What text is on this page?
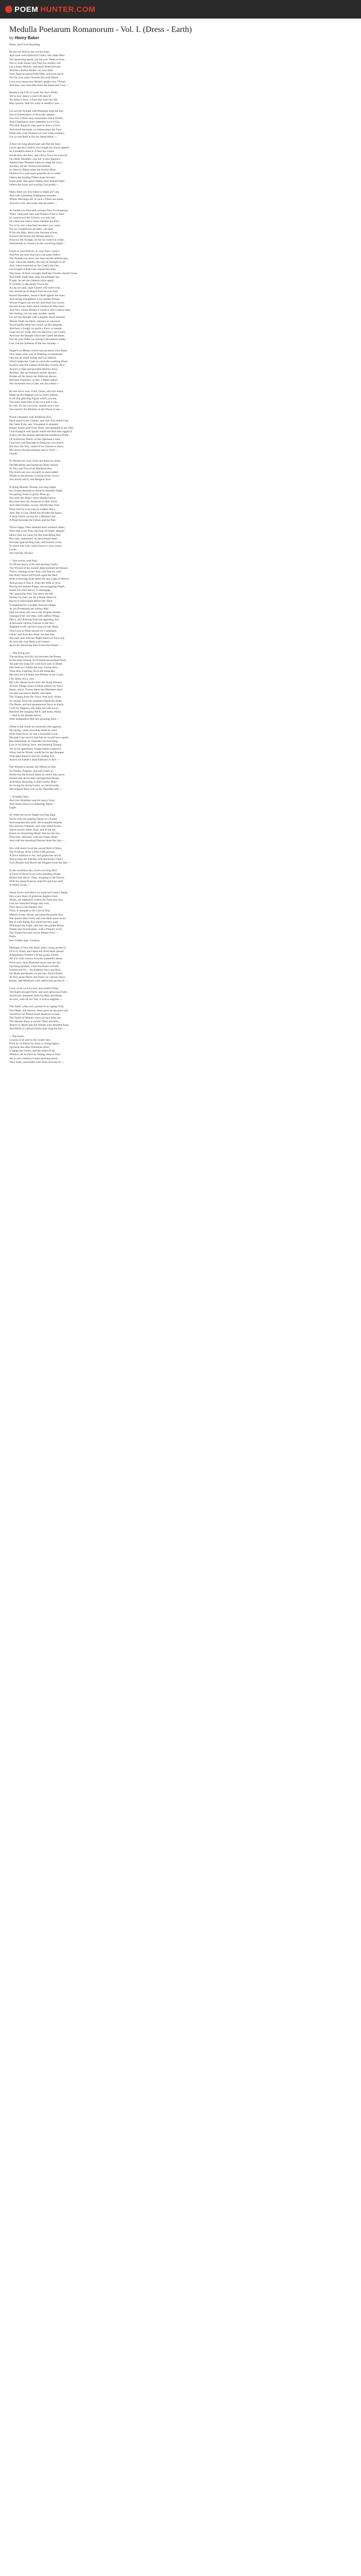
POEM HUNTER.COM
Medulla Poetarum Romanorum - Vol. I. (Dress - Earth)
by Henry Baker
Dress, and Good Breeding.
Be not too finical, but yet be clean,
And wear well-fashion'd Cloths, like other Men.
Nor spurt'ning speak, nor let your Teeth be foul,
Nor in wide Shoes your Feet too loosely roll.
Let a black Muscle, and black Beard beware,
And let a skilful Barber cut your Hair;
Your Nails be pared from Filth, and even par'd;
Nor let your nasty Nostrils but with Beard.
Cure your unsavoury Breath, gargle your Throat:
And free your Arm-Pits from the Rank and Goat.—
Beauty's the Gift of Gods, the Sex's Pride!
Yet to how many is that Gift deny'd!
Art helps a Face: a Face this' heav'nly fair,
May quickly fade for want of needful Care.—
Let not the Nymph with Pendants load her Ear,
Nor in Embroidery, or Brocade, appear:
Too rich a Dress may sometimes check Desire,
And Cleanliness more animates Love's Fire.
The Hair dispos'd, may gain or lose a Grace,
And much becomes, or misbecomes the Face.
What suits your Features of your Glass enquire;
For no one Rule is fixt for Head Attire.—
A face too long should part and flat the Hair,
Lewis upward comb'd, the Length too much appear!
So Laodamia dress'd. A face too round
Sould shew the Ears, and with a Town be crown'd.
On either Shoulder, one, her Locks displays;
Adorn'd like Phoebus when he sings his Lays;
Another, all her Tresses ties behind;
So dress'd, Diana hunts the fearful Hind.
Dishevel'd it suits most graceful are to some:
Others the binding Fillets more become.
Some plait, like spiral Shells, their braided Hair:
Others the loose and waving Curl prefer.—
Many there are who seem to slight all Care,
And with a pleasing Negligence ensnare:
Whole Mornings oft, in such a Dress are spent,
And all is Art, that looks like Accident.—
As Fields you find with various Flow'rs o'erspread,
When Vineyards bud, and Winters Frost is fled:
So various are the Colours you may see,
Of which the cherry Nose inbribes the Dye.
Try ev'ry one, what best becomes you, wear:
For no Complexion all alike, can bear.
If fair the Skin, black may become it best;
In black the lovely fair Briseis dress'd;
If brown the Nymph, let her be cloth'd in white;
Andromeda so charm'd in the wond'ring Sight.—
Faults in your Person, or your Face, correct
And few are seen that have not some Defect.
The Nymph too short, her Seat should seldom quit,
Lest, when she stands, she may be thought to sit:
And, when extended on her Couch she lies,
Let Length of Petticoat conceal her Size.
The Lean, of thick wrought Stuff her Cloaths should chuse;
And fuller made than what the plumper use.
If pale, let her the crimson Juice apply:
If swarthy, to the pearly Fucus fly.
A Leg too lank, tight Garters still must wear,
Nor should an ill-shap'd Foot be ever bare.
Round Shoulders, factor'd Stuff appear the least:
And lacing strengthens a too slender Breast.
Whose Fingers are too fat, and Nails too coarse,
Should always shun much Gesture in Discourse.
And You, whose Breath is tound it, this Caution take,
Nor fasting, nor too near another, speak.
Let not the Nymph with Laughter much abound,
Whose Teeth are black, uneven, or unsound.
You'd hardly think how much on this depends,
And how a Laugh, or spoils a Face, or mends.
Gape not too wide, lest you discover your Gums,
And lose the Dimple which the Cheek becomes.
Nor let your Sides too strong Concussions shake,
Lest you the Softness of the Sex forsake.—
Neglect no Means which may promote your Ends:
Now learn what way of Walking recommends:
One has an artful Swing and Lax behind,
Which helps her Coats to catch the swelling Wind:
Swell'd with the wanton Wind they loosely flow,
And ev'ry Step and graceful Motion show.
Another, like an Ostland's sturdy Spouse,
Strides all the Space her Petticoat allows.
Between Extremes, in this, a Mean adjust:
Nor showmen rest a Gate, nor too robust.—
By Art we're won: Gold, Gems, and rich Attire,
Make up the Pageant you so much admire:
In all that glitt'ring Figure which you see,
The least, least Part of her own self is she.
In vain, for her you love, amidst such Cost,
You search: the Mistress in the Dress is lost.—
Proud Cleopatra with Ambition fir'd,
Hard stand in her Cheeks, and with Foil artful Care
Her fated Eyes, new Conquests to prepare:
Bright Jewels grac'd her Neck, and sparkled in her Hair.
Chirch'sang'd with Spoils which the Red-Sea supply'd,
Scarce can the minion beneath the ponderous Pride,
Of wond'rous Worth, of the Ophirean Loom,
Chin'roch soft Brocade in Desscens was drawn
But thro' the Veil, contriv'd its Charms to shew,
Her lovely Bosom panting rose to View.—
Claudi.
To Druids too, now Arms are heard no more,
Old Mysteries and barbarous Rites restore,
To You, and You of all Mankind else,
The Souls are now reveal'd, or unrevealed:
Whilst in the gloomy Coverts of the Grove,
You dwell retir'd, and Religion love.
If dying Mortals' Dooms you sing aright,
No Ghosts descend to dwell in dreadful Night:
No parting Souls to grisly Pluto go,
Nor seek the dreary silent Shades below:
But forth they fly, immortal in their Kind,
And other Bodies, in new Worlds they find.
Thus Life for ever runs its endless Race,
And, like a Line, Death but divides the Space,
A Stop which can but for a Moment last,
A Point between the Future and the Past.
Thrice happy They beneath their northern Skies,
Who that worst Fear, the Fear of Death, despise:
Hence they no Cares for this frail Being feel,
But rush, undaunted, on the pointed Steel:
Provoke approaching Fate, and bravely scorn
To spare that Life, which must so soon return.
Lucan.
See Suicide. Wound.
— She strives with Pain
To lift her heavy Lids, and fainting Limbs:
The Wound of the sounds deep beneath her Breast;
Thrice, leaning on her Arm, she fiercely rose:
Her Body thrice roll'd back upon the Bed:
With swimming Eyes seeks the last Light of Heav'n,
And groans to find it. Then the Wife of Jove,
Pitying her tedious Pangs, and struggling Death,
Sends Iris from above, to disengage
Her agonizing Soul: For since she fell
Neither by Fate, nor by a Death deserv'd,
But by'd unfortunate before her Time,
Transported by a sudden Passion's Rage;
As yet Proserpina her yellow Hair
Had not shorn off, nor to the Stygian Shades
Consign'd her. Iris then, with saffron Wings,
Dewy, and drawing from the opposing Sun
A thousand various Colours in the Sky,
Alighted swift: and hov'ring o'er her Head,
This Lock to Pluto sacred, by Command,
I bear: and from this Body set thee free.
She said, and with her Right Hand cut the Lock:
At once the vital Heat is all extinct;
And Life dissolving flew'd into the Winds.—
— She dying lays
The sticking Java'lin; but between the Bones,
In the deep Wound, fix'd stands the pointed Steel:
All pale she sinks her cold Eyes sink in Death:
Her fresh on Cheeks the rosy Colour flies.
Then thus, expiring, Acca she bespeaks,
Her best lov'd Friend, and Partner of her Cares:
I fly Sister Acca, now
My Life, Blood issues thro' the dying Wound:
And all Things swim in Mists before my Eyes:
Haste, and to Turnus these last Mandates bear:
Let him succeed to Battle, and repel
The Trojans from the Town. And now, Adieu.
So saying, from her slacken'd Hand the drops
The Reins: and not spontaneous flows to Earth:
Cold, by Degrees, she sinks her Life away:
Reclines her hanging Neck, and heavy Head,
—And to the Shades below,
With Indignation flies her groaning Soul.—
When to the Youth his mournful Sire appears,
His dying, weak, unweildy Head he rears:
With tilted Eyes, he cast a mournful Look,
His pale Lips mov'd, and fain he would have spoke:
But uninspired, th' imperfect Accent hung,
Lost in his falling Jaws, and faultring Tongue
Yet in his speechless Visage seems express'd,
What, had he Words, would be his last Request:
That aged Hand to seal his closing Eye,
And in his Father's fond Embrace to dye.—
The Wound is mortal; All efforts no Aid:
So Violets, Poppies, and soft Lilies so,
Bruise but the broken Stem on which they grow,
Instant sink down their unsupported Heads,
And bend, decaying, to their earthy Beds:
So loving his dying Looks, so, see'mwardy,
His languid Neck was on his Shoulder laid.—
—A deadly Rest,
And iron Slumbers seal his heavy Eyes,
And closes them in everlasting Night.—
Eagle.
As when the tawny Eagle tow'ring high,
Sticks with her griping Talons in a Snake,
And snatches him aloft: the wounded Serpent
His tortuous Volumes, and with refted Scales
Stares horrid: hisses loud, and in the Air
Erects his threat'ning Head: She not the less
Plies him, reluctant, with her hooky Beak;
And with her sounding Pinions beats the Sky.—
Not with more Good the sacred Bird of Mars,
The Foulcon, from a lofty Cliff pursues
A Dove sublime in Air; and gripes her seiz'd;
And scoops her Entrails with his hooky Claws:
Turn Plumes and Blood fall mingled from the Sky.—
In the vermilion Sky Jove's tow'ring Bird
A Flock of River Fowl with sounding Wings
Before him drove: Then, stooping to the Waves,
With his sharp Pounces snatch'd and bore aloft
A stately Swan.—
When Jove's bold Bird, on some tall Cedar's Head,
Has a new Race of generous Eaglets bred,
While, yet unplum'd, within the Nest they stay,
Lest her stretched Wings they turn,
They turn to the Eastern Sky:
Then, if unequal to the God of Day,
Mark'd if they shrink, and shun the potent Ray,
She spurns them forth, and cuts them quite away:
But if with daring Eye unmoved they gaze,
Withstand the Light, and bear the golden Blaze,
Tender she broods them, with a Parent's Love,
The Future Servants of her Master Jove.—
Earth.
See Golden Age. Creation.
Heritage of Arts, the Earth when young produc'd,
Of ev'ry Kind, and round the Wild Hills spread
A beauteous Verdure o'er the grassy Fields:
All o'er with various Flowers enamell'd shone:
Trees next, their Branches shoot into the Air,
Up'rising gradual, while the Roots in Earth
Extend and fix.—As Feathers first, and Hair,
On Birds and Beasts, on the new form'd Earth,
At first, grass Herbs and Trees: by various Ways,
Brutes, and Mankind, were afterwards produc'd.—
Corn, of its own Accord, and untill'd Wine,
The Earth brought forth; and such delicious Fruits,
And Food, abundant, both for Man and Beast,
As now, with all our Toil, it scarce supplies.—
The Earth, when new, produc'd no raging Cold,
Nor Heats, nor Storms: these grew as she grew old.
Therefore our Parent Earth deserves to bear
The Name of Mother, since all race from her:
The Human Race, a certain Time, she bore,
And ev'ry Beast that she Woods with dreadful Roar,
And Birds of various Forms that wing the Air.—
—The Earth
Lowest of all and in the Center lies:
Fix'd by its Placer for from it, rising higher,
Upwards the other Elements retire:
It hangs the lowest, and the midst of all,
Whence, all its Parts by falling, drop to Fall;
All to one common Center pressing down:
They meet, and hinder each from moving on.—
